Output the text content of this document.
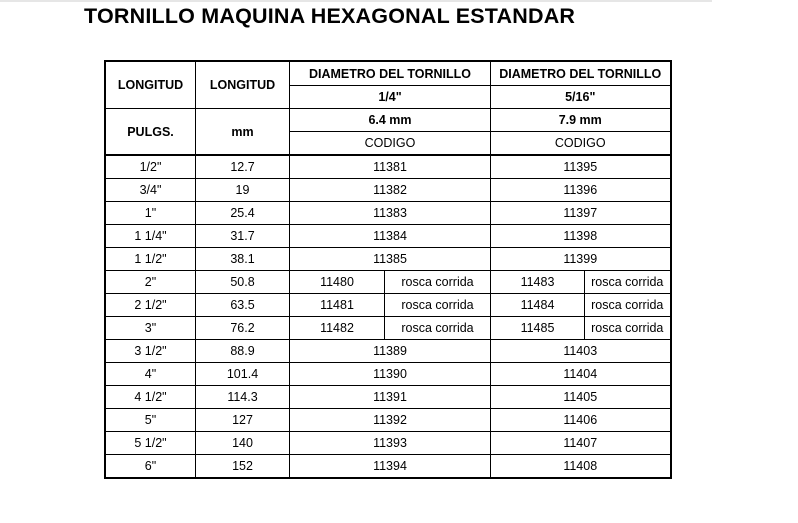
TORNILLO MAQUINA HEXAGONAL ESTANDAR
LONGITUD	LONGITUD	DIAMETRO DEL TORNILLO		DIAMETRO DEL TORNILLO	
		1/4"		5/16"	
PULGS.	mm	6.4 mm		7.9 mm	
		CODIGO		CODIGO	
1/2"	12.7	11381		11395	
3/4"	19	11382		11396	
1"	25.4	11383		11397	
1 1/4"	31.7	11384		11398	
1 1/2"	38.1	11385		11399	
2"	50.8	11480	rosca corrida	11483	rosca corrida
2 1/2"	63.5	11481	rosca corrida	11484	rosca corrida
3"	76.2	11482	rosca corrida	11485	rosca corrida
3 1/2"	88.9	11389		11403	
4"	101.4	11390		11404	
4 1/2"	114.3	11391		11405	
5"	127	11392		11406	
5 1/2"	140	11393		11407	
6"	152	11394		11408	
